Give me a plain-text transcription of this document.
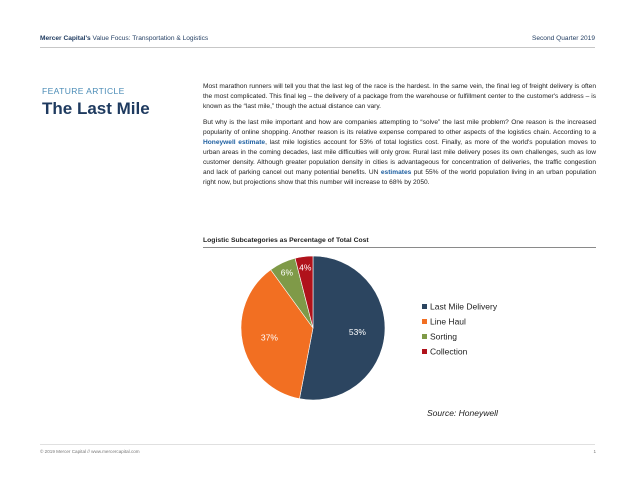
Mercer Capital's Value Focus: Transportation & Logistics	Second Quarter 2019
FEATURE ARTICLE
The Last Mile

Most marathon runners will tell you that the last leg of the race is the hardest. In the same vein, the final leg of freight delivery is often the most complicated. This final leg – the delivery of a package from the warehouse or fulfillment center to the customer's address – is known as the “last mile,” though the actual distance can vary.

But why is the last mile important and how are companies attempting to “solve” the last mile problem? One reason is the increased popularity of online shopping. Another reason is its relative expense compared to other aspects of the logistics chain. According to a Honeywell estimate, last mile logistics account for 53% of total logistics cost. Finally, as more of the world's population moves to urban areas in the coming decades, last mile difficulties will only grow. Rural last mile delivery poses its own challenges, such as low customer density. Although greater population density in cities is advantageous for concentration of deliveries, the traffic congestion and lack of parking cancel out many potential benefits. UN estimates put 55% of the world population living in an urban population right now, but projections show that this number will increase to 68% by 2050.

Logistic Subcategories as Percentage of Total Cost
53%
Last Mile Delivery
37%
Line Haul
6%
Sorting
4%
Collection
Source: Honeywell
© 2019 Mercer Capital // www.mercercapital.com	1
